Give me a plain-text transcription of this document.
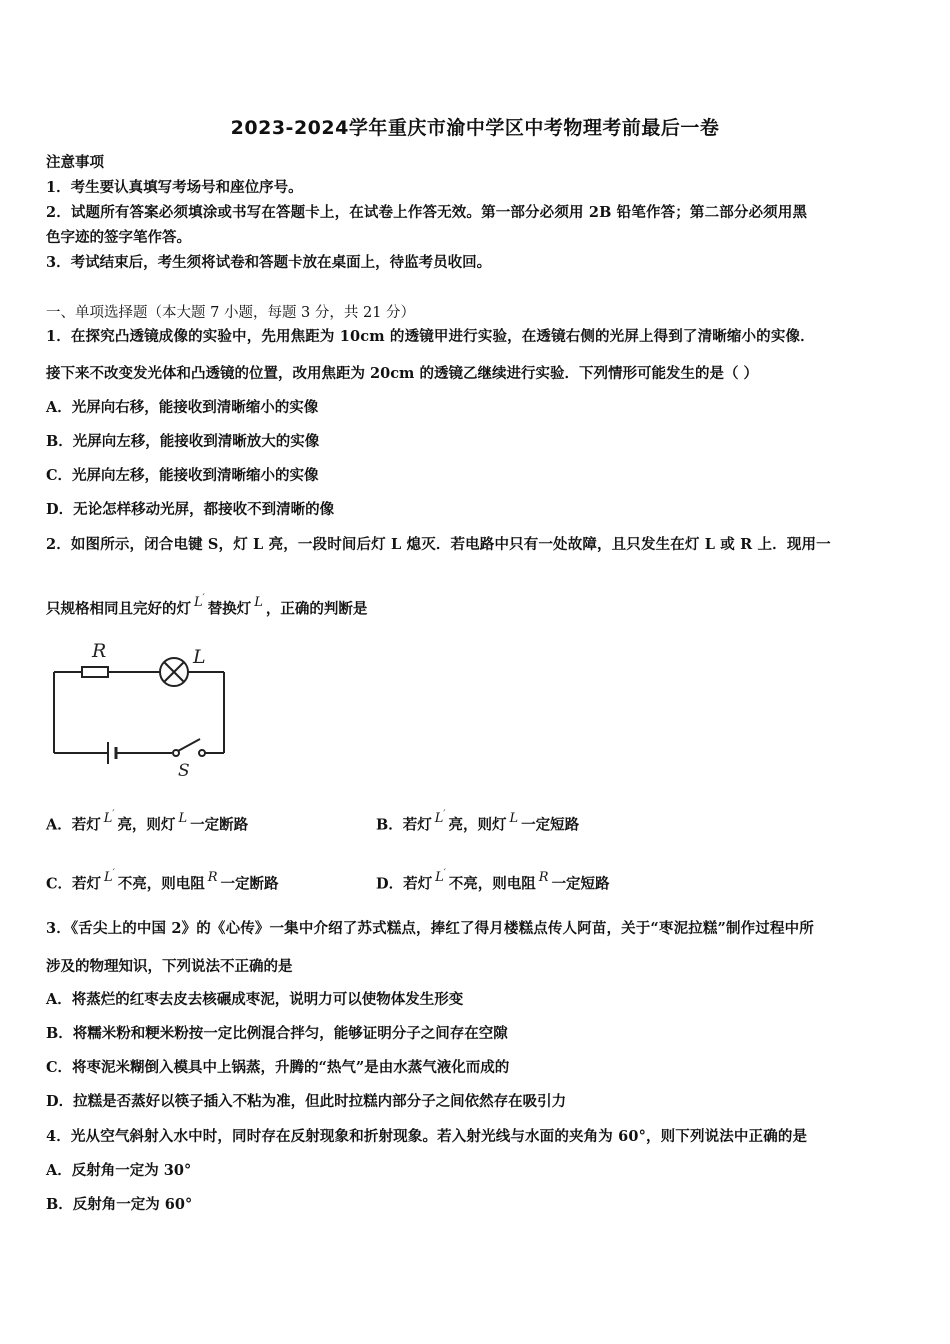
2023-2024学年重庆市渝中学区中考物理考前最后一卷
注意事项
1．考生要认真填写考场号和座位序号。
2．试题所有答案必须填涂或书写在答题卡上，在试卷上作答无效。第一部分必须用 2B 铅笔作答；第二部分必须用黑
色字迹的签字笔作答。
3．考试结束后，考生须将试卷和答题卡放在桌面上，待监考员收回。
一、单项选择题（本大题 7 小题，每题 3 分，共 21 分）
1．在探究凸透镜成像的实验中，先用焦距为 10cm 的透镜甲进行实验，在透镜右侧的光屏上得到了清晰缩小的实像．
接下来不改变发光体和凸透镜的位置，改用焦距为 20cm 的透镜乙继续进行实验．下列情形可能发生的是（ ）
A．光屏向右移，能接收到清晰缩小的实像
B．光屏向左移，能接收到清晰放大的实像
C．光屏向左移，能接收到清晰缩小的实像
D．无论怎样移动光屏，都接收不到清晰的像
2．如图所示，闭合电键 S，灯 L 亮，一段时间后灯 L 熄灭．若电路中只有一处故障，且只发生在灯 L 或 R 上．现用一
只规格相同且完好的灯 L′替换灯 L ，正确的判断是
R	L
S
A．若灯 L′亮，则灯 L 一定断路	B．若灯 L′亮，则灯 L 一定短路
C．若灯 L′不亮，则电阻 R 一定断路	D．若灯 L′不亮，则电阻 R 一定短路
3．《舌尖上的中国 2》的《心传》一集中介绍了苏式糕点，捧红了得月楼糕点传人阿苗，关于“枣泥拉糕”制作过程中所
涉及的物理知识，下列说法不正确的是
A．将蒸烂的红枣去皮去核碾成枣泥，说明力可以使物体发生形变
B．将糯米粉和粳米粉按一定比例混合拌匀，能够证明分子之间存在空隙
C．将枣泥米糊倒入模具中上锅蒸，升腾的“热气”是由水蒸气液化而成的
D．拉糕是否蒸好以筷子插入不粘为准，但此时拉糕内部分子之间依然存在吸引力
4．光从空气斜射入水中时，同时存在反射现象和折射现象。若入射光线与水面的夹角为 60°，则下列说法中正确的是
A．反射角一定为 30°
B．反射角一定为 60°
